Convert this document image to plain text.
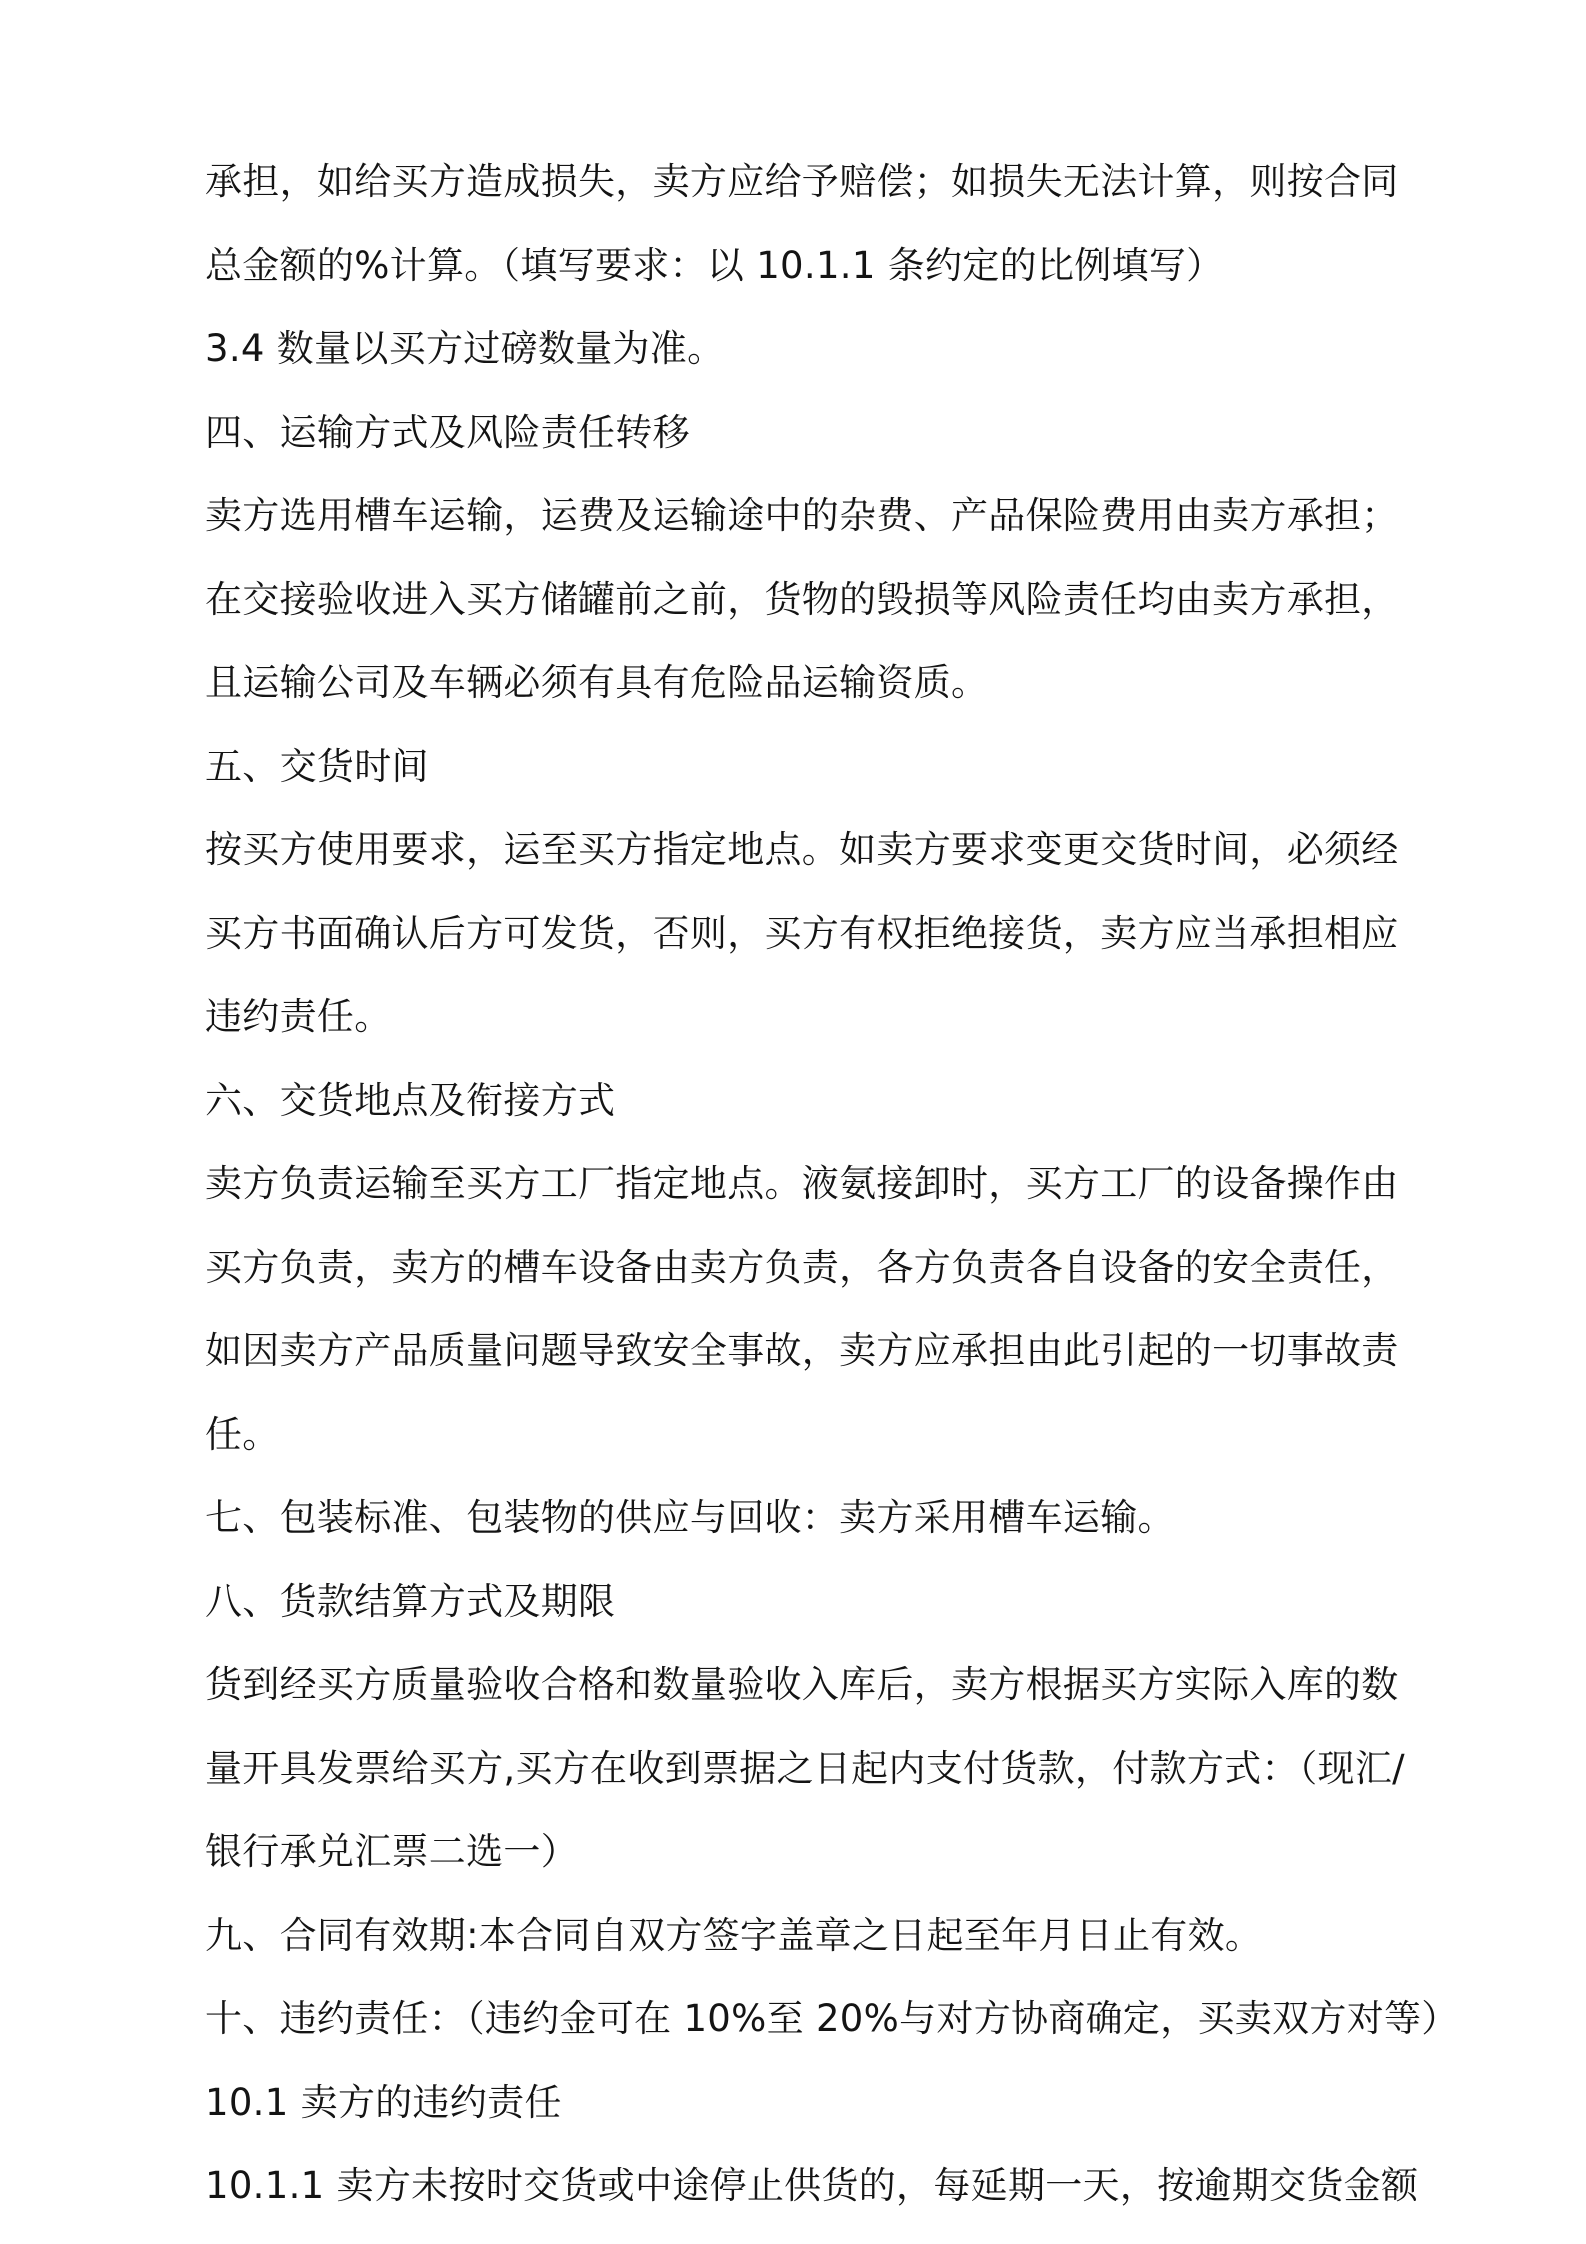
承担，如给买方造成损失，卖方应给予赔偿；如损失无法计算，则按合同
总金额的%计算。（填写要求：以 10.1.1 条约定的比例填写）
3.4 数量以买方过磅数量为准。
四、运输方式及风险责任转移
卖方选用槽车运输，运费及运输途中的杂费、产品保险费用由卖方承担；
在交接验收进入买方储罐前之前，货物的毁损等风险责任均由卖方承担，
且运输公司及车辆必须有具有危险品运输资质。
五、交货时间
按买方使用要求，运至买方指定地点。如卖方要求变更交货时间，必须经
买方书面确认后方可发货，否则，买方有权拒绝接货，卖方应当承担相应
违约责任。
六、交货地点及衔接方式
卖方负责运输至买方工厂指定地点。液氨接卸时，买方工厂的设备操作由
买方负责，卖方的槽车设备由卖方负责，各方负责各自设备的安全责任，
如因卖方产品质量问题导致安全事故，卖方应承担由此引起的一切事故责
任。
七、包装标准、包装物的供应与回收：卖方采用槽车运输。
八、货款结算方式及期限
货到经买方质量验收合格和数量验收入库后，卖方根据买方实际入库的数
量开具发票给买方,买方在收到票据之日起内支付货款，付款方式：（现汇/
银行承兑汇票二选一）
九、合同有效期:本合同自双方签字盖章之日起至年月日止有效。
十、违约责任：（违约金可在 10%至 20%与对方协商确定，买卖双方对等）
10.1 卖方的违约责任
10.1.1 卖方未按时交货或中途停止供货的，每延期一天，按逾期交货金额
